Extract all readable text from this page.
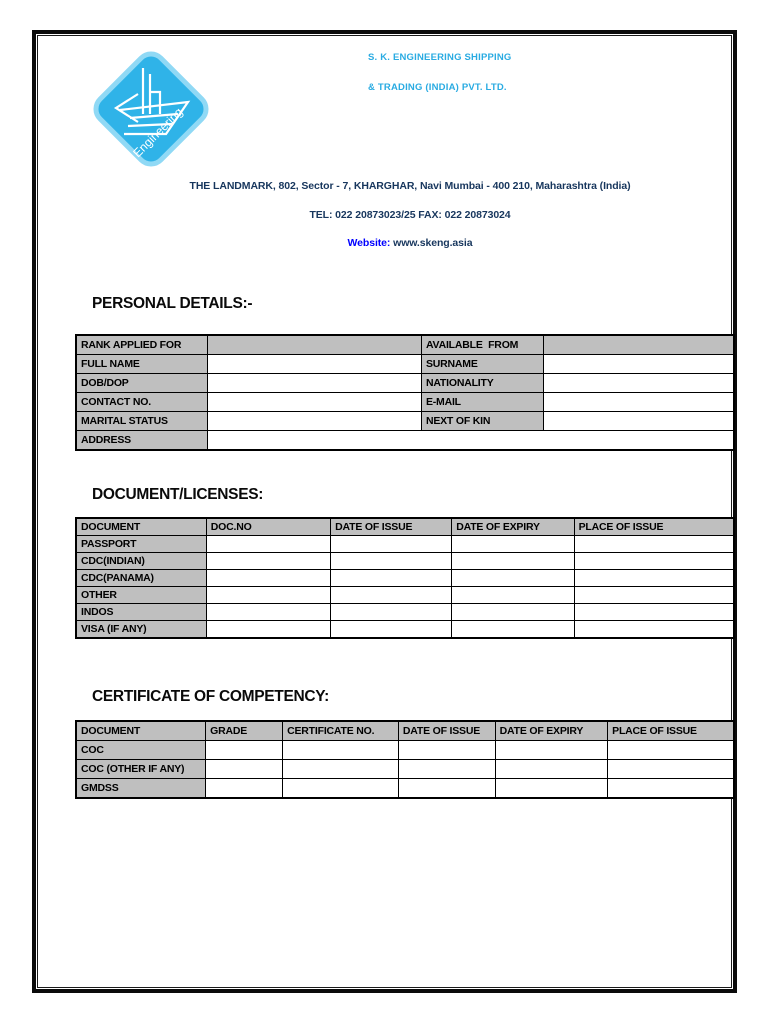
Engineering
S. K. ENGINEERING SHIPPING
& TRADING (INDIA) PVT. LTD.
THE LANDMARK, 802, Sector - 7, KHARGHAR, Navi Mumbai - 400 210, Maharashtra (India)
TEL: 022 20873023/25 FAX: 022 20873024
Website: www.skeng.asia
PERSONAL DETAILS:-
RANK APPLIED FOR		AVAILABLE  FROM	
FULL NAME		SURNAME	
DOB/DOP		NATIONALITY	
CONTACT NO.		E-MAIL	
MARITAL STATUS		NEXT OF KIN	
ADDRESS			
DOCUMENT/LICENSES:
DOCUMENT	DOC.NO	DATE OF ISSUE	DATE OF EXPIRY	PLACE OF ISSUE
PASSPORT				
CDC(INDIAN)				
CDC(PANAMA)				
OTHER				
INDOS				
VISA (IF ANY)				
CERTIFICATE OF COMPETENCY:
DOCUMENT	GRADE	CERTIFICATE NO.	DATE OF ISSUE	DATE OF EXPIRY	PLACE OF ISSUE
COC					
COC (OTHER IF ANY)					
GMDSS					
